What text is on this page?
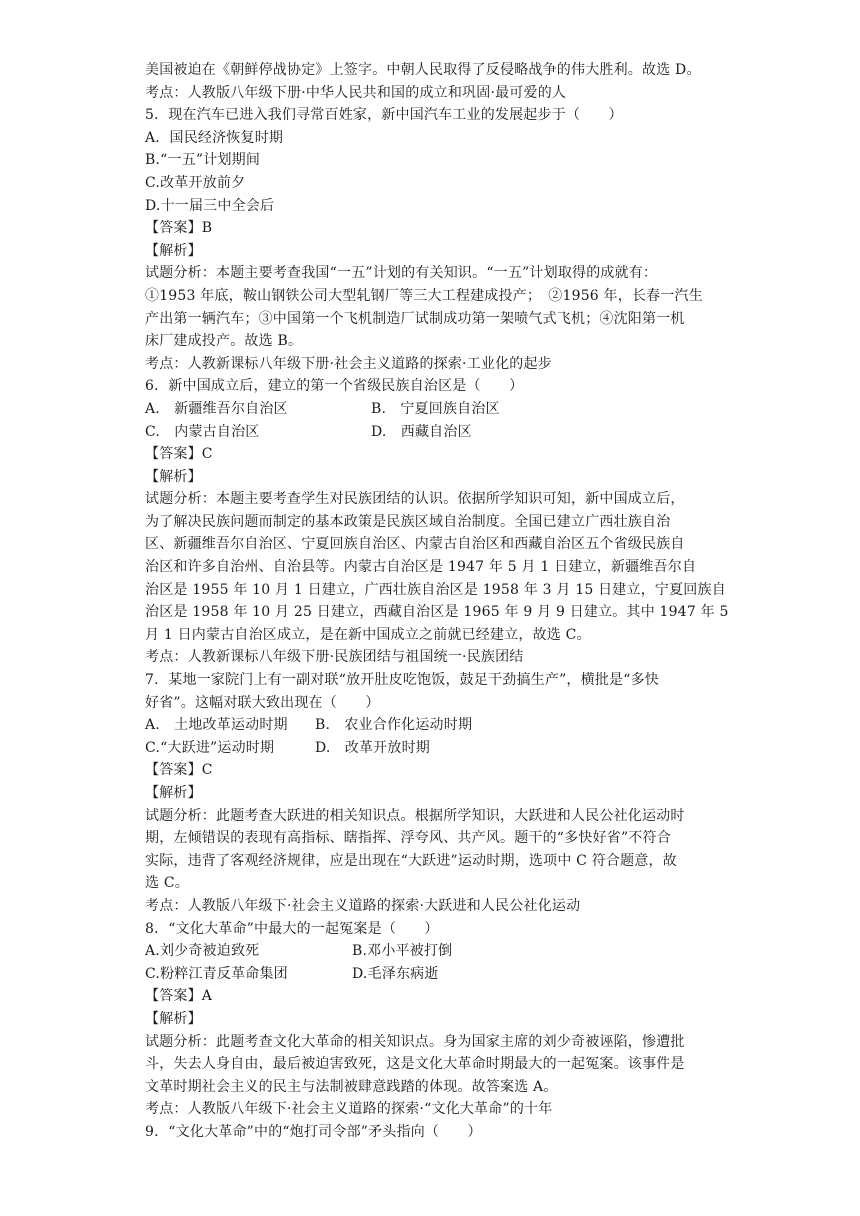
美国被迫在《朝鲜停战协定》上签字。中朝人民取得了反侵略战争的伟大胜利。故选 D。
考点：人教版八年级下册·中华人民共和国的成立和巩固·最可爱的人
5．现在汽车已进入我们寻常百姓家，新中国汽车工业的发展起步于（　　）
A．国民经济恢复时期
B.“一五”计划期间
C.改革开放前夕
D.十一届三中全会后
【答案】B
【解析】
试题分析：本题主要考查我国“一五”计划的有关知识。“一五”计划取得的成就有：
①1953 年底，鞍山钢铁公司大型轧钢厂等三大工程建成投产；　②1956 年，长春一汽生
产出第一辆汽车；③中国第一个飞机制造厂试制成功第一架喷气式飞机；④沈阳第一机
床厂建成投产。故选 B。
考点：人教新课标八年级下册·社会主义道路的探索·工业化的起步
6．新中国成立后，建立的第一个省级民族自治区是（　　）
A.　新疆维吾尔自治区	B.　宁夏回族自治区
C.　内蒙古自治区	D.　西藏自治区
【答案】C
【解析】
试题分析：本题主要考查学生对民族团结的认识。依据所学知识可知，新中国成立后，
为了解决民族问题而制定的基本政策是民族区域自治制度。全国已建立广西壮族自治
区、新疆维吾尔自治区、宁夏回族自治区、内蒙古自治区和西藏自治区五个省级民族自
治区和许多自治州、自治县等。内蒙古自治区是 1947 年 5 月 1 日建立，新疆维吾尔自
治区是 1955 年 10 月 1 日建立，广西壮族自治区是 1958 年 3 月 15 日建立，宁夏回族自
治区是 1958 年 10 月 25 日建立，西藏自治区是 1965 年 9 月 9 日建立。其中 1947 年 5
月 1 日内蒙古自治区成立，是在新中国成立之前就已经建立，故选 C。
考点：人教新课标八年级下册·民族团结与祖国统一·民族团结
7．某地一家院门上有一副对联“放开肚皮吃饱饭，鼓足干劲搞生产”，横批是“多快
好省”。这幅对联大致出现在（　　）
A.　土地改革运动时期	B.　农业合作化运动时期
C.“大跃进”运动时期	D.　改革开放时期
【答案】C
【解析】
试题分析：此题考查大跃进的相关知识点。根据所学知识，大跃进和人民公社化运动时
期，左倾错误的表现有高指标、瞎指挥、浮夸风、共产风。题干的“多快好省”不符合
实际，违背了客观经济规律，应是出现在“大跃进”运动时期，选项中 C 符合题意，故
选 C。
考点：人教版八年级下·社会主义道路的探索·大跃进和人民公社化运动
8．“文化大革命”中最大的一起冤案是（　　）
A.刘少奇被迫致死	B.邓小平被打倒
C.粉粹江青反革命集团	D.毛泽东病逝
【答案】A
【解析】
试题分析：此题考查文化大革命的相关知识点。身为国家主席的刘少奇被诬陷，惨遭批
斗，失去人身自由，最后被迫害致死，这是文化大革命时期最大的一起冤案。该事件是
文革时期社会主义的民主与法制被肆意践踏的体现。故答案选 A。
考点：人教版八年级下·社会主义道路的探索·“文化大革命”的十年
9．“文化大革命”中的“炮打司令部”矛头指向（　　）
